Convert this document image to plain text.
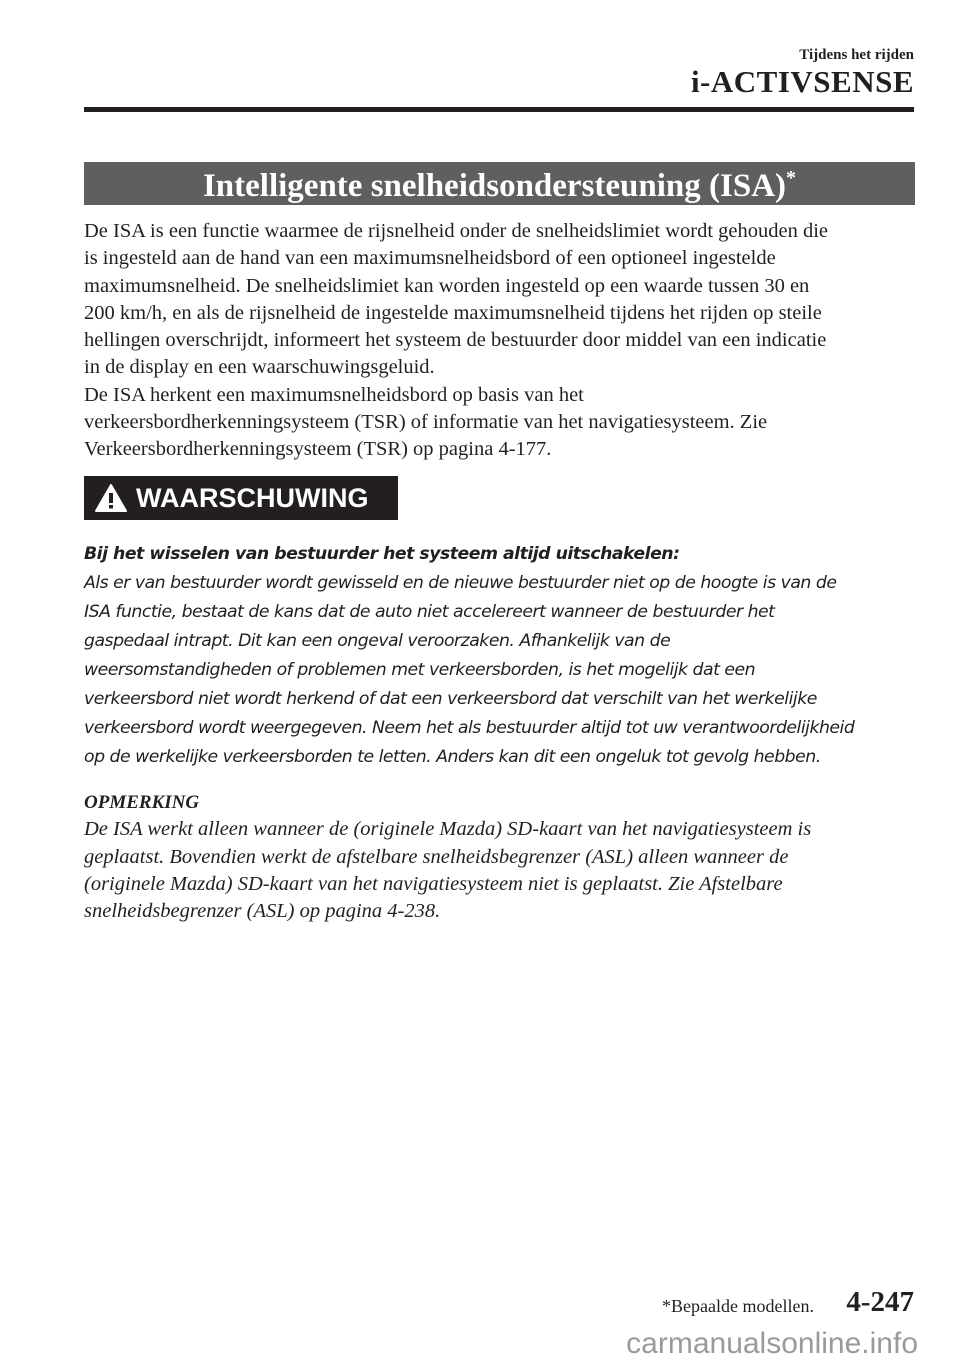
Tijdens het rijden
i-ACTIVSENSE
Intelligente snelheidsondersteuning (ISA)*
De ISA is een functie waarmee de rijsnelheid onder de snelheidslimiet wordt gehouden die
is ingesteld aan de hand van een maximumsnelheidsbord of een optioneel ingestelde
maximumsnelheid. De snelheidslimiet kan worden ingesteld op een waarde tussen 30 en
200 km/h, en als de rijsnelheid de ingestelde maximumsnelheid tijdens het rijden op steile
hellingen overschrijdt, informeert het systeem de bestuurder door middel van een indicatie
in de display en een waarschuwingsgeluid.
De ISA herkent een maximumsnelheidsbord op basis van het
verkeersbordherkenningsysteem (TSR) of informatie van het navigatiesysteem. Zie
Verkeersbordherkenningsysteem (TSR) op pagina 4-177.
WAARSCHUWING
Bij het wisselen van bestuurder het systeem altijd uitschakelen:
Als er van bestuurder wordt gewisseld en de nieuwe bestuurder niet op de hoogte is van de
ISA functie, bestaat de kans dat de auto niet accelereert wanneer de bestuurder het
gaspedaal intrapt. Dit kan een ongeval veroorzaken. Afhankelijk van de
weersomstandigheden of problemen met verkeersborden, is het mogelijk dat een
verkeersbord niet wordt herkend of dat een verkeersbord dat verschilt van het werkelijke
verkeersbord wordt weergegeven. Neem het als bestuurder altijd tot uw verantwoordelijkheid
op de werkelijke verkeersborden te letten. Anders kan dit een ongeluk tot gevolg hebben.
OPMERKING
De ISA werkt alleen wanneer de (originele Mazda) SD-kaart van het navigatiesysteem is
geplaatst. Bovendien werkt de afstelbare snelheidsbegrenzer (ASL) alleen wanneer de
(originele Mazda) SD-kaart van het navigatiesysteem niet is geplaatst. Zie Afstelbare
snelheidsbegrenzer (ASL) op pagina 4-238.
*Bepaalde modellen. 4-247
carmanualsonline.info
